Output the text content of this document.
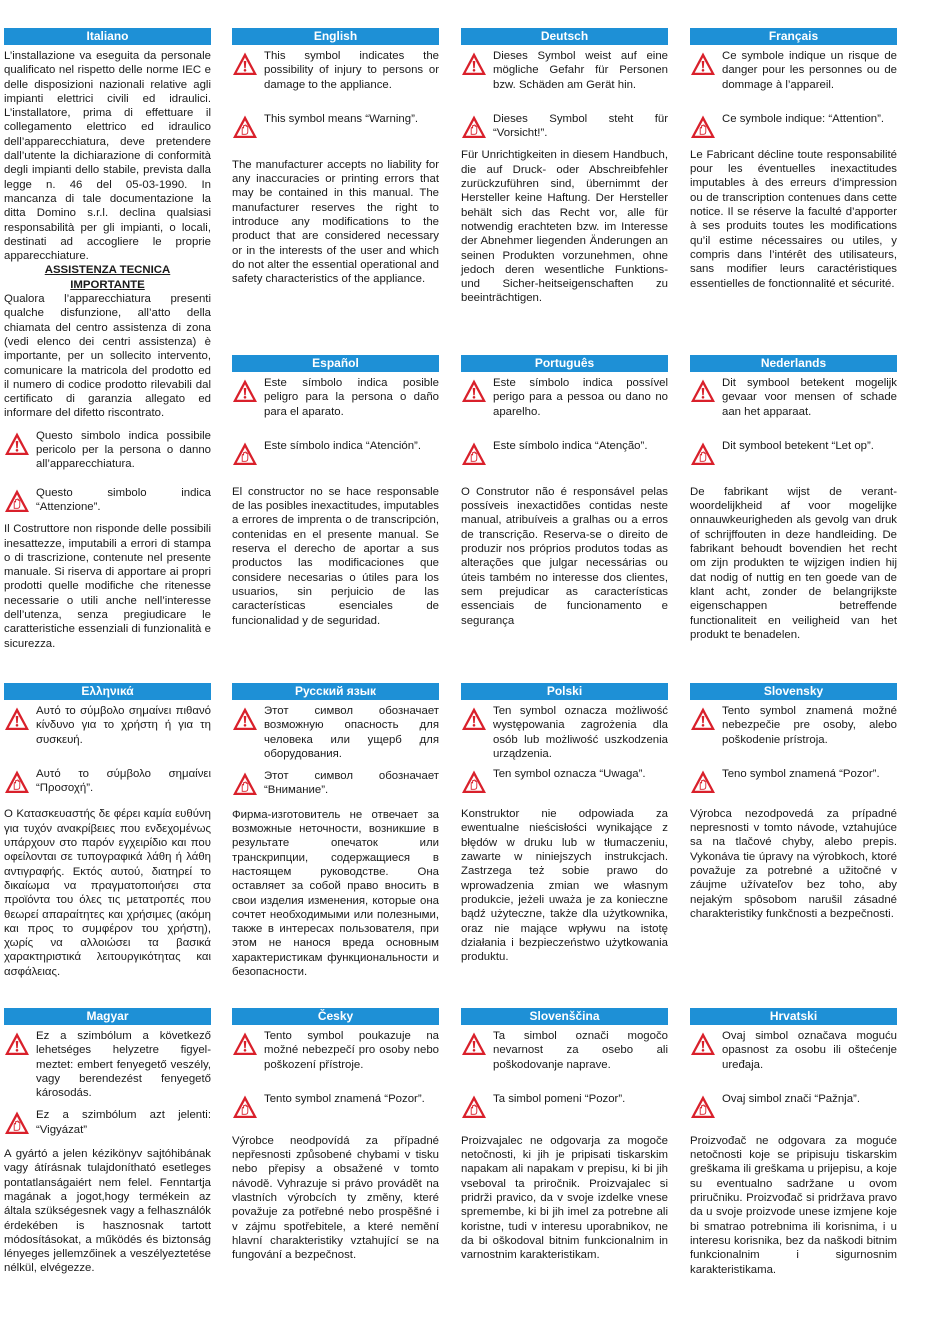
Italiano
L’installazione va eseguita da personale qualificato nel rispetto delle norme IEC e delle disposizioni nazionali relative agli impianti elettrici civili ed idraulici. L’installatore, prima di effettuare il collegamento elettrico ed idraulico dell’apparecchiatura, deve pretendere dall’utente la dichiarazione di conformità degli impianti dello stabile, prevista dalla legge n. 46 del 05-03-1990. In mancanza di tale documentazione la ditta Domino s.r.l. declina qualsiasi responsabilità per gli impianti, o locali, destinati ad accogliere le proprie apparecchiature.
ASSISTENZA TECNICA
IMPORTANTE
Qualora l’apparecchiatura presenti qualche disfunzione, all’atto della chiamata del centro assistenza di zona (vedi elenco dei centri assistenza) è importante, per un sollecito intervento, comunicare la matricola del prodotto ed il numero di codice prodotto rilevabili dal certificato di garanzia allegato ed informare del difetto riscontrato.
Questo simbolo indica possibile pericolo per la persona o danno all’apparecchiatura.
Questo simbolo indica “Attenzione”.
Il Costruttore non risponde delle possibili inesattezze, imputabili a errori di stampa o di trascrizione, contenute nel presente manuale. Si riserva di apportare ai propri prodotti quelle modifiche che ritenesse necessarie o utili anche nell’interesse dell’utenza, senza pregiudicare le caratteristiche essenziali di funzionalità e sicurezza.
English
This symbol indicates the possibility of injury to persons or damage to the appliance.
This symbol means “Warning”.
The manufacturer accepts no liability for any inaccuracies or printing errors that may be contained in this manual. The manufacturer reserves the right to introduce any modifications to the product that are considered necessary or in the interests of the user and which do not alter the essential operational and safety characteristics of the appliance.
Deutsch
Dieses Symbol weist auf eine mögliche Gefahr für Personen bzw. Schäden am Gerät hin.
Dieses Symbol steht für “Vorsicht!”.
Für Unrichtigkeiten in diesem Handbuch, die auf Druck- oder Abschreibfehler zurückzuführen sind, übernimmt der Hersteller keine Haftung. Der Hersteller behält sich das Recht vor, alle für notwendig erachteten bzw. im Interesse der Abnehmer liegenden Änderungen an seinen Produkten vorzunehmen, ohne jedoch deren wesentliche Funktions- und Sicher-heitseigenschaften zu beeinträchtigen.
Français
Ce symbole indique un risque de danger pour les personnes ou de dommage à l’appareil.
Ce symbole indique: “Attention”.
Le Fabricant décline toute responsabilité pour les éventuelles inexactitudes imputables à des erreurs d’impression ou de transcription contenues dans cette notice. Il se réserve la faculté d’apporter à ses produits toutes les modifications qu’il estime nécessaires ou utiles, y compris dans l’intérêt des utilisateurs, sans modifier leurs caractéristiques essentielles de fonctionnalité et sécurité.
Español
Este símbolo indica posible peligro para la persona o daño para el aparato.
Este símbolo indica “Atención”.
El constructor no se hace responsable de las posibles inexactitudes, imputables a errores de imprenta o de transcripción, contenidas en el presente manual. Se reserva el derecho de aportar a sus productos las modificaciones que considere necesarias o útiles para los usuarios, sin perjuicio de las características esenciales de funcionalidad y de seguridad.
Português
Este símbolo indica possível perigo para a pessoa ou dano no aparelho.
Este símbolo indica “Atenção”.
O Construtor não é responsável pelas possíveis inexactidões contidas neste manual, atribuíveis a gralhas ou a erros de transcrição. Reserva-se o direito de produzir nos próprios produtos todas as alterações que julgar necessárias ou úteis também no interesse dos clientes, sem prejudicar as características essenciais de funcionamento e segurança
Nederlands
Dit symbool betekent mogelijk gevaar voor mensen of schade aan het apparaat.
Dit symbool betekent “Let op”.
De fabrikant wijst de verant-woordelijkheid af voor mogelijke onnauwkeurigheden als gevolg van druk of schrijffouten in deze handleiding. De fabrikant behoudt bovendien het recht om zijn produkten te wijzigen indien hij dat nodig of nuttig en ten goede van de klant acht, zonder de belangrijkste eigenschappen betreffende functionaliteit en veiligheid van het produkt te benadelen.
Ελληνικά
Αυτό το σύμβολο σημαίνει πιθανό κίνδυνο για το χρήστη ή για τη συσκευή.
Αυτό το σύμβολο σημαίνει “Προσοχή”.
Ο Κατασκευαστής δε φέρει καμία ευθύνη για τυχόν ανακρίβειες που ενδεχομένως υπάρχουν στο παρόν εγχειρίδιο και που οφείλονται σε τυπογραφικά λάθη ή λάθη αντιγραφής. Εκτός αυτού, διατηρεί το δικαίωμα να πραγματοποιήσει στα προϊόντα του όλες τις μετατροπές που θεωρεί απαραίτητες και χρήσιμες (ακόμη και προς το συμφέρον του χρήστη), χωρίς να αλλοιώσει τα βασικά χαρακτηριστικά λειτουργικότητας και ασφάλειας.
Русский язык
Этот символ обозначает возможную опасность для человека или ущерб для оборудования.
Этот символ обозначает “Внимание”.
Фирма-изготовитель не отвечает за возможные неточности, возникшие в результате опечаток или транскрипции, содержащиеся в настоящем руководстве. Она оставляет за собой право вносить в свои изделия изменения, которые она сочтет необходимыми или полезными, также в интересах пользователя, при этом не нанося вреда основным характеристикам функциональности и безопасности.
Polski
Ten symbol oznacza możliwość występowania zagrożenia dla osób lub możliwość uszkodzenia urządzenia.
Ten symbol oznacza “Uwaga”.
Konstruktor nie odpowiada za ewentualne nieścisłości wynikające z błędów w druku lub w tłumaczeniu, zawarte w niniejszych instrukcjach. Zastrzega też sobie prawo do wprowadzenia zmian we własnym produkcie, jeżeli uważa je za konieczne bądź użyteczne, także dla użytkownika, oraz nie mające wpływu na istotę działania i bezpieczeństwo użytkowania produktu.
Slovensky
Tento symbol znamená možné nebezpečie pre osoby, alebo poškodenie prístroja.
Teno symbol znamená “Pozor”.
Výrobca nezodpovedá za prípadné nepresnosti v tomto návode, vztahujúce sa na tlačové chyby, alebo prepis. Vykonáva tie úpravy na výrobkoch, ktoré považuje za potrebné a užitočné v záujme užívateľov bez toho, aby nejakým spôsobom narušil zásadné charakteristiky funkčnosti a bezpečnosti.
Magyar
Ez a szimbólum a következő lehetséges helyzetre figyel-meztet: embert fenyegető veszély, vagy berendezést fenyegető károsodás.
Ez a szimbólum azt jelenti: “Vigyázat”
A gyártó a jelen kézikönyv sajtóhibának vagy átírásnak tulajdonítható esetleges pontatlanságaiért nem felel. Fenntartja magának a jogot,hogy termékein az általa szükségesnek vagy a felhasználók érdekében is hasznosnak tartott módosításokat, a működés és biztonság lényeges jellemzőinek a veszélyeztetése nélkül, elvégezze.
Česky
Tento symbol poukazuje na možné nebezpečí pro osoby nebo poškození přístroje.
Tento symbol znamená “Pozor”.
Výrobce neodpovídá za případné nepřesnosti způsobené chybami v tisku nebo přepisy a obsažené v tomto návodě. Vyhrazuje si právo provádět na vlastních výrobcích ty změny, které považuje za potřebné nebo prospěšné i v zájmu spotřebitele, a které nemění hlavní charakteristiky vztahující se na fungování a bezpečnost.
Slovenščina
Ta simbol označi mogočo nevarnost za osebo ali poškodovanje naprave.
Ta simbol pomeni “Pozor”.
Proizvajalec ne odgovarja za mogoče netočnosti, ki jih je pripisati tiskarskim napakam ali napakam v prepisu, ki bi jih vseboval ta priročnik. Proizvajalec si pridrži pravico, da v svoje izdelke vnese spremembe, ki bi jih imel za potrebne ali koristne, tudi v interesu uporabnikov, ne da bi oškodoval bitnim funkcionalnim in varnostnim karakteristikam.
Hrvatski
Ovaj simbol označava moguću opasnost za osobu ili oštećenje uređaja.
Ovaj simbol znači “Pažnja”.
Proizvođač ne odgovara za moguće netočnosti koje se pripisuju tiskarskim greškama ili greškama u prijepisu, a koje su eventualno sadržane u ovom priručniku. Proizvođač si pridržava pravo da u svoje proizvode unese izmjene koje bi smatrao potrebnima ili korisnima, i u interesu korisnika, bez da naškodi bitnim funkcionalnim i sigurnosnim karakteristikama.
